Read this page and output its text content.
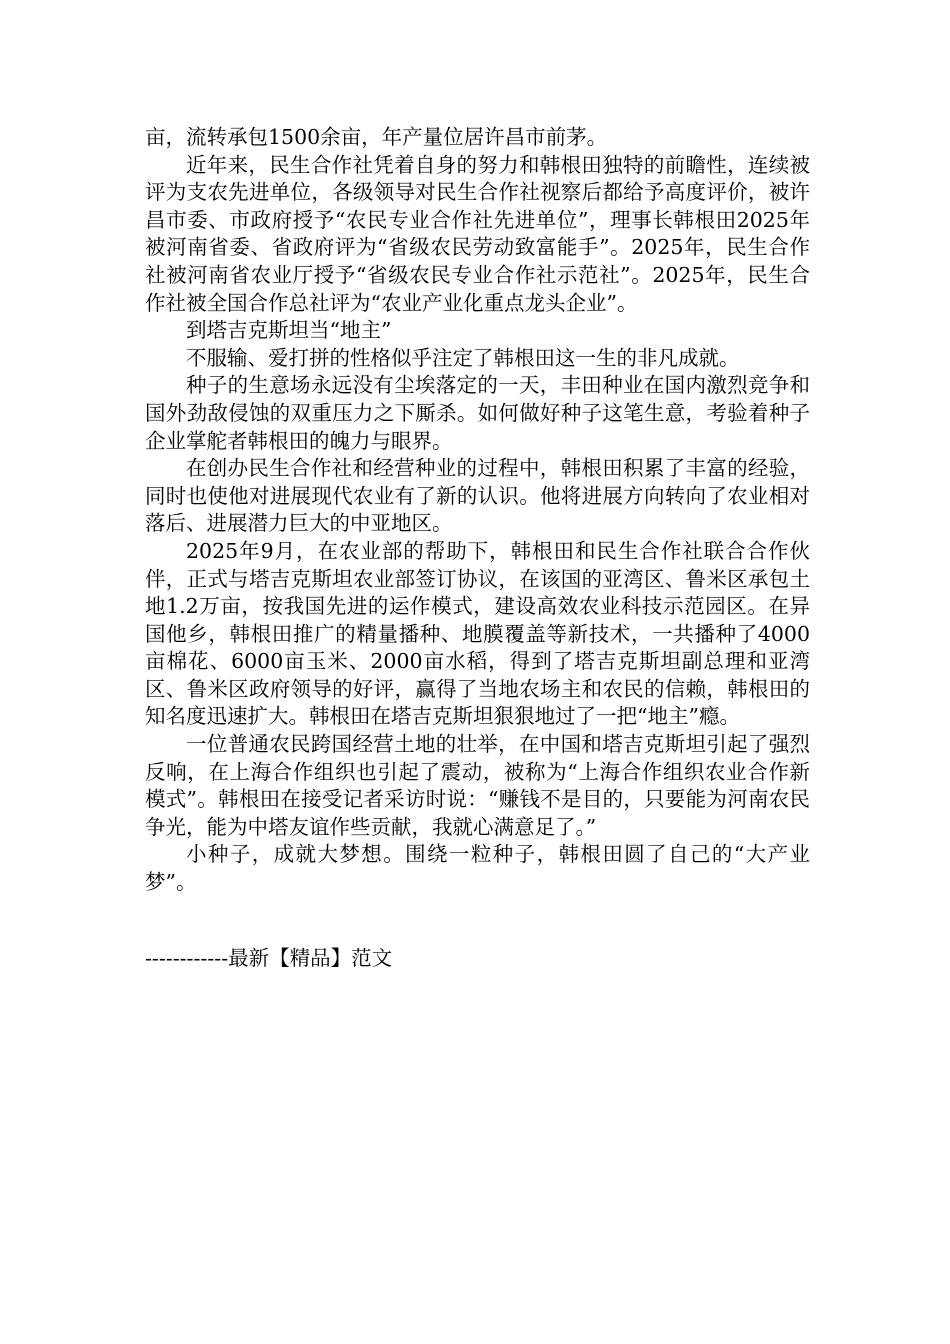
亩，流转承包1500余亩，年产量位居许昌市前茅。

近年来，民生合作社凭着自身的努力和韩根田独特的前瞻性，连续被评为支农先进单位，各级领导对民生合作社视察后都给予高度评价，被许昌市委、市政府授予“农民专业合作社先进单位”，理事长韩根田2025年被河南省委、省政府评为“省级农民劳动致富能手”。2025年，民生合作社被河南省农业厅授予“省级农民专业合作社示范社”。2025年，民生合作社被全国合作总社评为“农业产业化重点龙头企业”。

到塔吉克斯坦当“地主”

不服输、爱打拼的性格似乎注定了韩根田这一生的非凡成就。

种子的生意场永远没有尘埃落定的一天，丰田种业在国内激烈竞争和国外劲敌侵蚀的双重压力之下厮杀。如何做好种子这笔生意，考验着种子企业掌舵者韩根田的魄力与眼界。

在创办民生合作社和经营种业的过程中，韩根田积累了丰富的经验，同时也使他对进展现代农业有了新的认识。他将进展方向转向了农业相对落后、进展潜力巨大的中亚地区。

2025年9月，在农业部的帮助下，韩根田和民生合作社联合合作伙伴，正式与塔吉克斯坦农业部签订协议，在该国的亚湾区、鲁米区承包土地1.2万亩，按我国先进的运作模式，建设高效农业科技示范园区。在异国他乡，韩根田推广的精量播种、地膜覆盖等新技术，一共播种了4000亩棉花、6000亩玉米、2000亩水稻，得到了塔吉克斯坦副总理和亚湾区、鲁米区政府领导的好评，赢得了当地农场主和农民的信赖，韩根田的知名度迅速扩大。韩根田在塔吉克斯坦狠狠地过了一把“地主”瘾。

一位普通农民跨国经营土地的壮举，在中国和塔吉克斯坦引起了强烈反响，在上海合作组织也引起了震动，被称为“上海合作组织农业合作新模式”。韩根田在接受记者采访时说：“赚钱不是目的，只要能为河南农民争光，能为中塔友谊作些贡献，我就心满意足了。”

小种子，成就大梦想。围绕一粒种子，韩根田圆了自己的“大产业梦”。

------------最新【精品】范文
